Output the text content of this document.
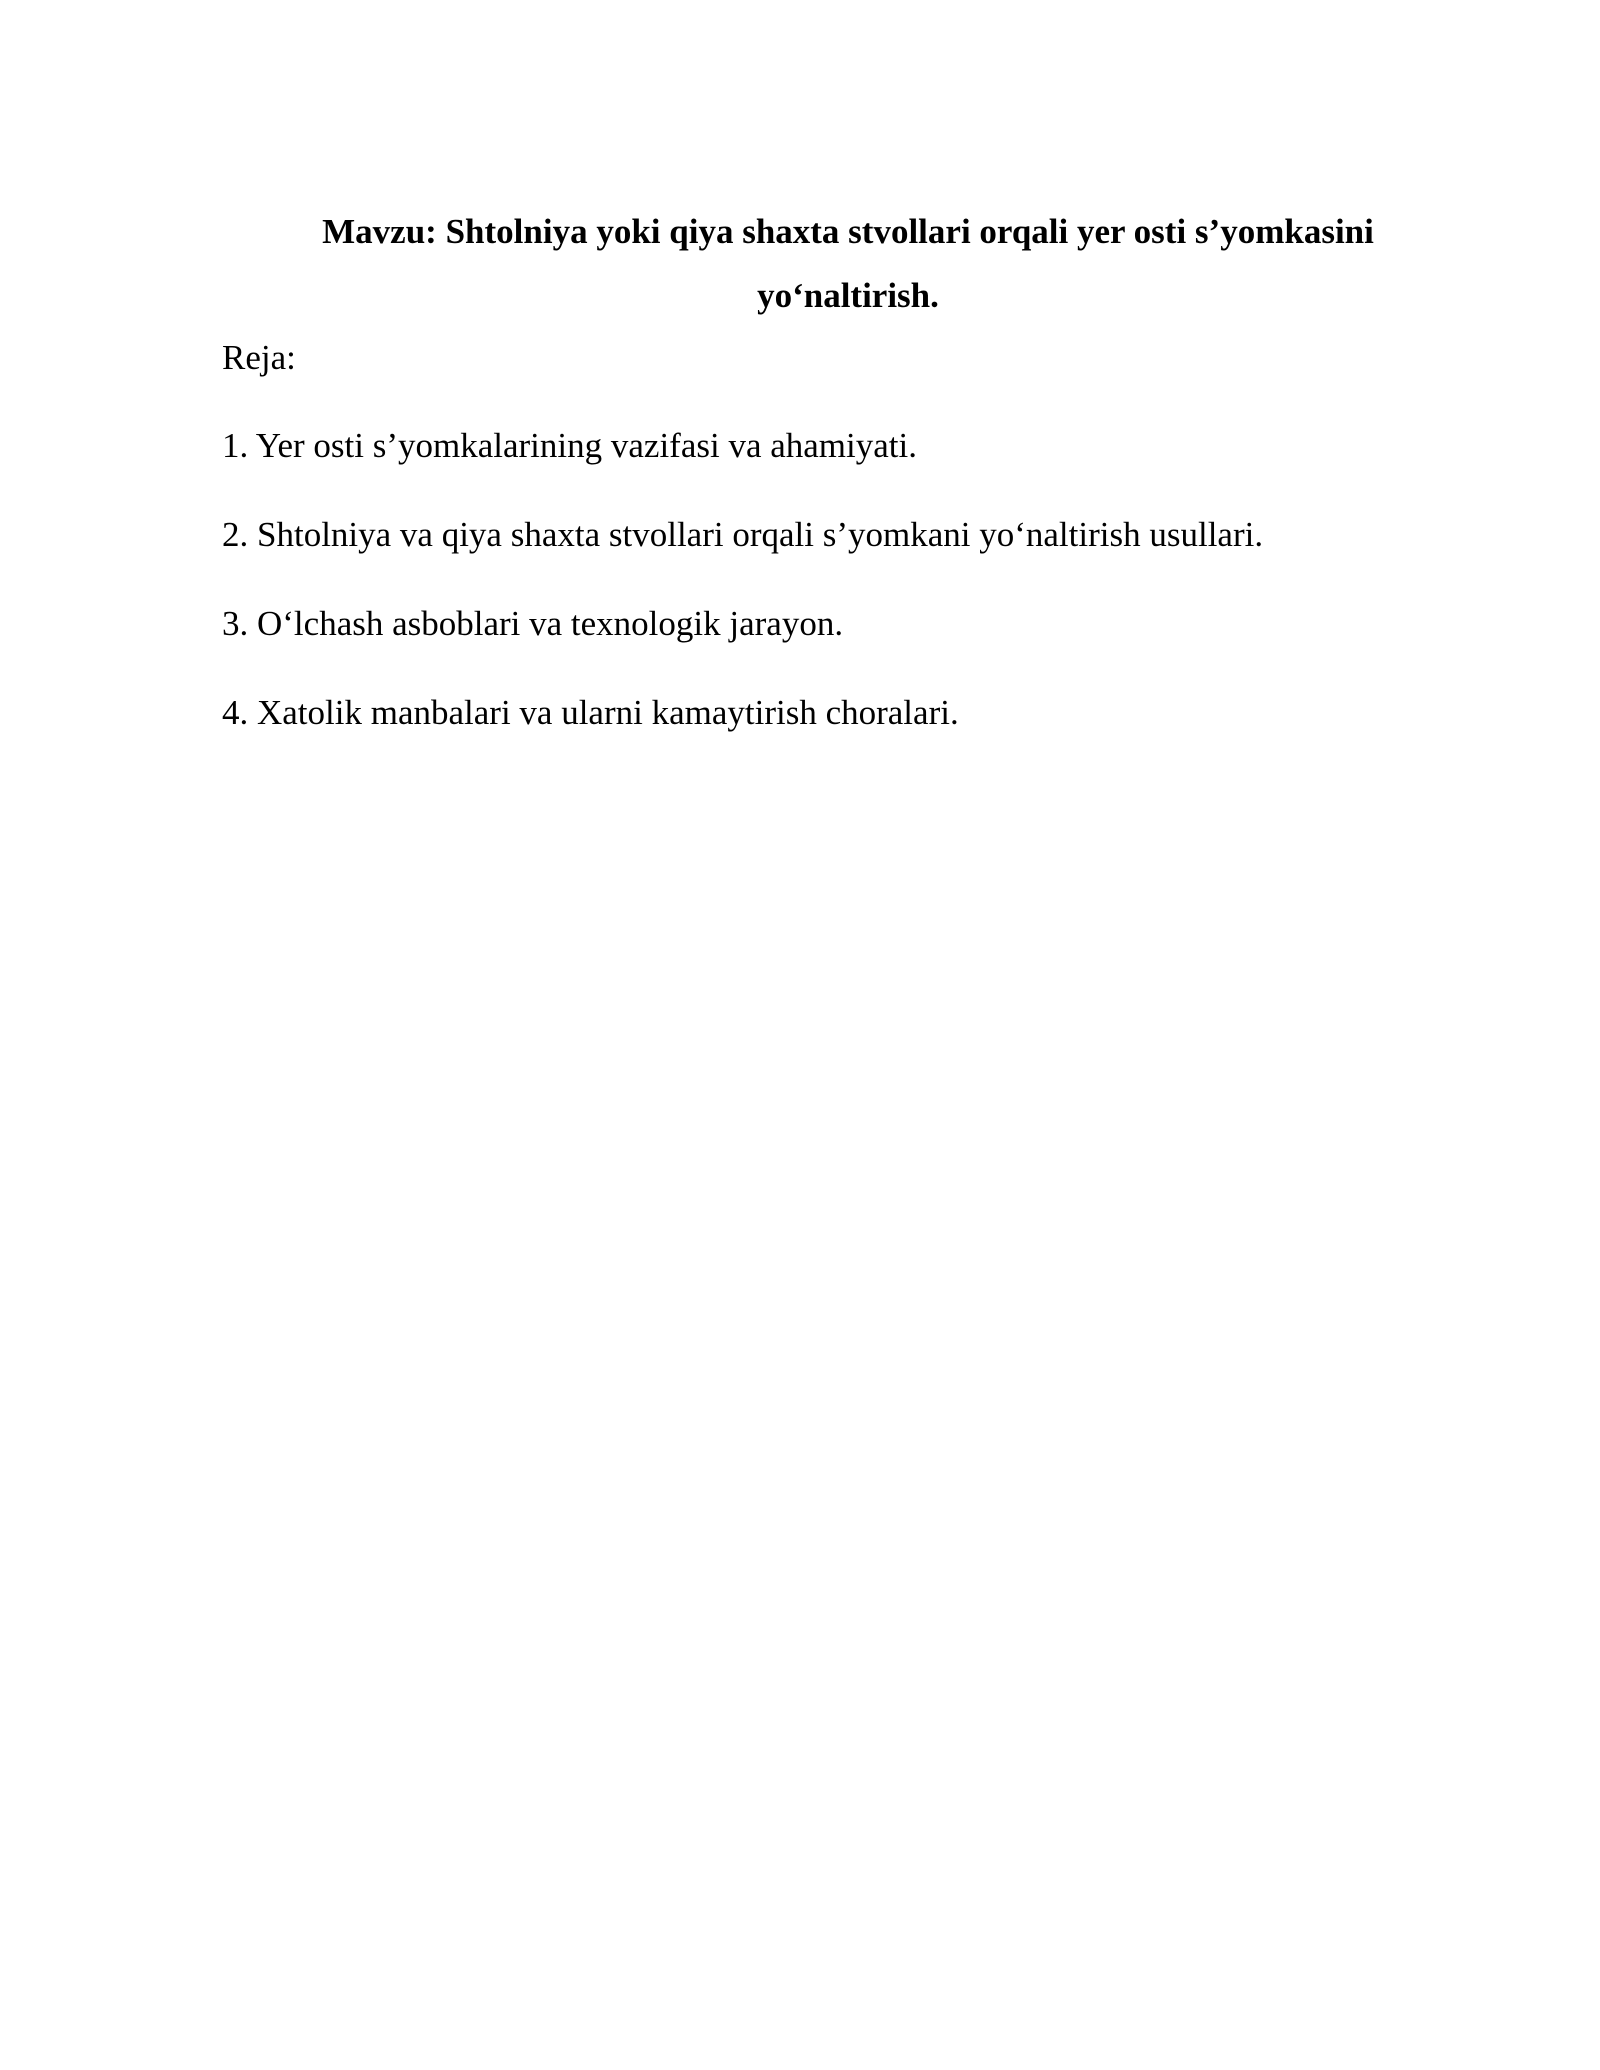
Mavzu: Shtolniya yoki qiya shaxta stvollari orqali yer osti s’yomkasini
yo‘naltirish.

Reja:

1. Yer osti s’yomkalarining vazifasi va ahamiyati.
2. Shtolniya va qiya shaxta stvollari orqali s’yomkani yo‘naltirish usullari.
3. O‘lchash asboblari va texnologik jarayon.
4. Xatolik manbalari va ularni kamaytirish choralari.
